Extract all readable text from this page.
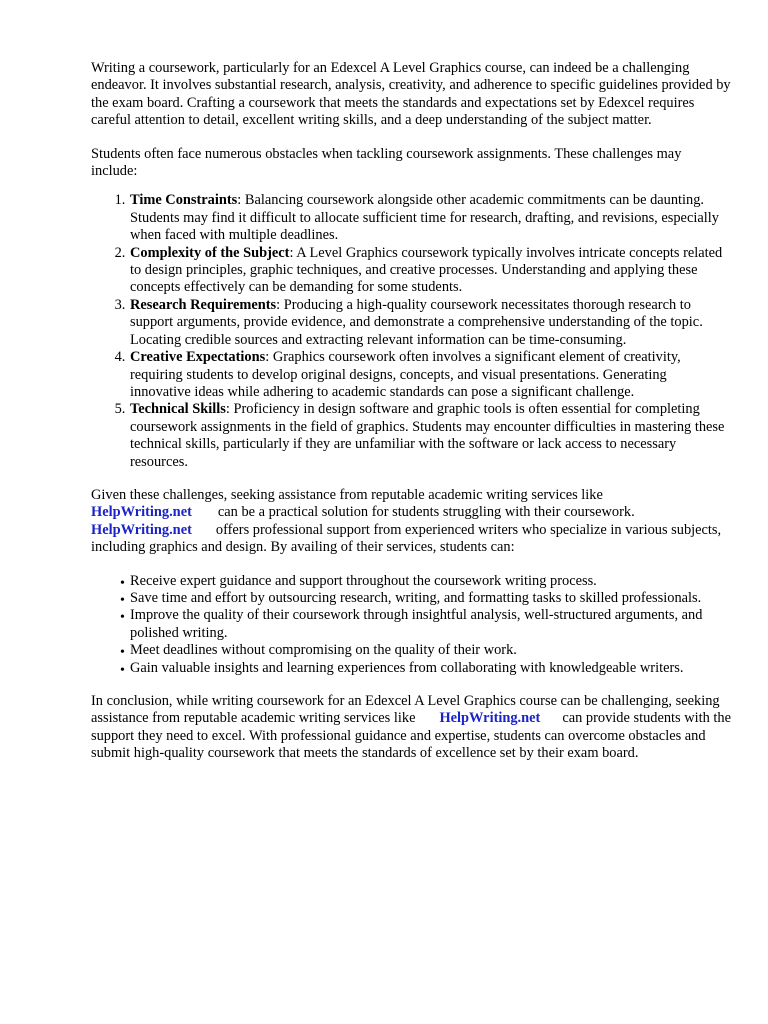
Writing a coursework, particularly for an Edexcel A Level Graphics course, can indeed be a challenging endeavor. It involves substantial research, analysis, creativity, and adherence to specific guidelines provided by the exam board. Crafting a coursework that meets the standards and expectations set by Edexcel requires careful attention to detail, excellent writing skills, and a deep understanding of the subject matter.

Students often face numerous obstacles when tackling coursework assignments. These challenges may include:

1. Time Constraints: Balancing coursework alongside other academic commitments can be daunting. Students may find it difficult to allocate sufficient time for research, drafting, and revisions, especially when faced with multiple deadlines.
2. Complexity of the Subject: A Level Graphics coursework typically involves intricate concepts related to design principles, graphic techniques, and creative processes. Understanding and applying these concepts effectively can be demanding for some students.
3. Research Requirements: Producing a high-quality coursework necessitates thorough research to support arguments, provide evidence, and demonstrate a comprehensive understanding of the topic. Locating credible sources and extracting relevant information can be time-consuming.
4. Creative Expectations: Graphics coursework often involves a significant element of creativity, requiring students to develop original designs, concepts, and visual presentations. Generating innovative ideas while adhering to academic standards can pose a significant challenge.
5. Technical Skills: Proficiency in design software and graphic tools is often essential for completing coursework assignments in the field of graphics. Students may encounter difficulties in mastering these technical skills, particularly if they are unfamiliar with the software or lack access to necessary resources.

Given these challenges, seeking assistance from reputable academic writing services like
HelpWriting.net can be a practical solution for students struggling with their coursework.
HelpWriting.net offers professional support from experienced writers who specialize in various subjects, including graphics and design. By availing of their services, students can:

• Receive expert guidance and support throughout the coursework writing process.
• Save time and effort by outsourcing research, writing, and formatting tasks to skilled professionals.
• Improve the quality of their coursework through insightful analysis, well-structured arguments, and polished writing.
• Meet deadlines without compromising on the quality of their work.
• Gain valuable insights and learning experiences from collaborating with knowledgeable writers.

In conclusion, while writing coursework for an Edexcel A Level Graphics course can be challenging, seeking assistance from reputable academic writing services like HelpWriting.net can provide students with the support they need to excel. With professional guidance and expertise, students can overcome obstacles and submit high-quality coursework that meets the standards of excellence set by their exam board.
